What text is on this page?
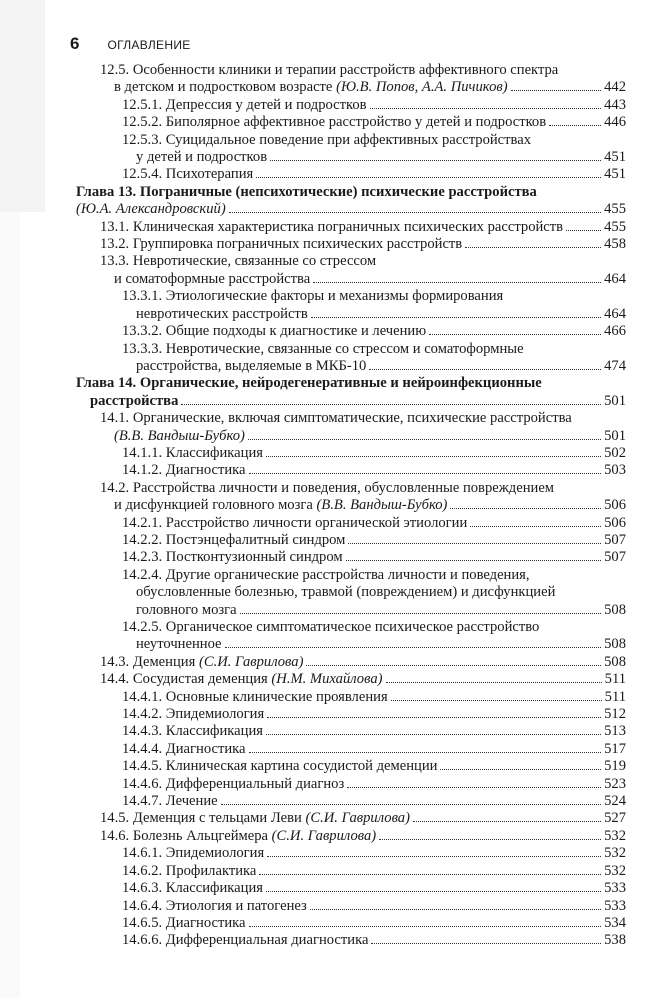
6 ОГЛАВЛЕНИЕ
12.5. Особенности клиники и терапии расстройств аффективного спектра
в детском и подростковом возрасте (Ю.В. Попов, А.А. Пичиков)	442
12.5.1. Депрессия у детей и подростков	443
12.5.2. Биполярное аффективное расстройство у детей и подростков	446
12.5.3. Суицидальное поведение при аффективных расстройствах
у детей и подростков	451
12.5.4. Психотерапия	451
Глава 13. Пограничные (непсихотические) психические расстройства
(Ю.А. Александровский)	455
13.1. Клиническая характеристика пограничных психических расстройств	455
13.2. Группировка пограничных психических расстройств	458
13.3. Невротические, связанные со стрессом
и соматоформные расстройства	464
13.3.1. Этиологические факторы и механизмы формирования
невротических расстройств	464
13.3.2. Общие подходы к диагностике и лечению	466
13.3.3. Невротические, связанные со стрессом и соматоформные
расстройства, выделяемые в МКБ-10	474
Глава 14. Органические, нейродегенеративные и нейроинфекционные
расстройства	501
14.1. Органические, включая симптоматические, психические расстройства
(В.В. Вандыш-Бубко)	501
14.1.1. Классификация	502
14.1.2. Диагностика	503
14.2. Расстройства личности и поведения, обусловленные повреждением
и дисфункцией головного мозга (В.В. Вандыш-Бубко)	506
14.2.1. Расстройство личности органической этиологии	506
14.2.2. Постэнцефалитный синдром	507
14.2.3. Постконтузионный синдром	507
14.2.4. Другие органические расстройства личности и поведения,
обусловленные болезнью, травмой (повреждением) и дисфункцией
головного мозга	508
14.2.5. Органическое симптоматическое психическое расстройство
неуточненное	508
14.3. Деменция (С.И. Гаврилова)	508
14.4. Сосудистая деменция (Н.М. Михайлова)	511
14.4.1. Основные клинические проявления	511
14.4.2. Эпидемиология	512
14.4.3. Классификация	513
14.4.4. Диагностика	517
14.4.5. Клиническая картина сосудистой деменции	519
14.4.6. Дифференциальный диагноз	523
14.4.7. Лечение	524
14.5. Деменция с тельцами Леви (С.И. Гаврилова)	527
14.6. Болезнь Альцгеймера (С.И. Гаврилова)	532
14.6.1. Эпидемиология	532
14.6.2. Профилактика	532
14.6.3. Классификация	533
14.6.4. Этиология и патогенез	533
14.6.5. Диагностика	534
14.6.6. Дифференциальная диагностика	538
